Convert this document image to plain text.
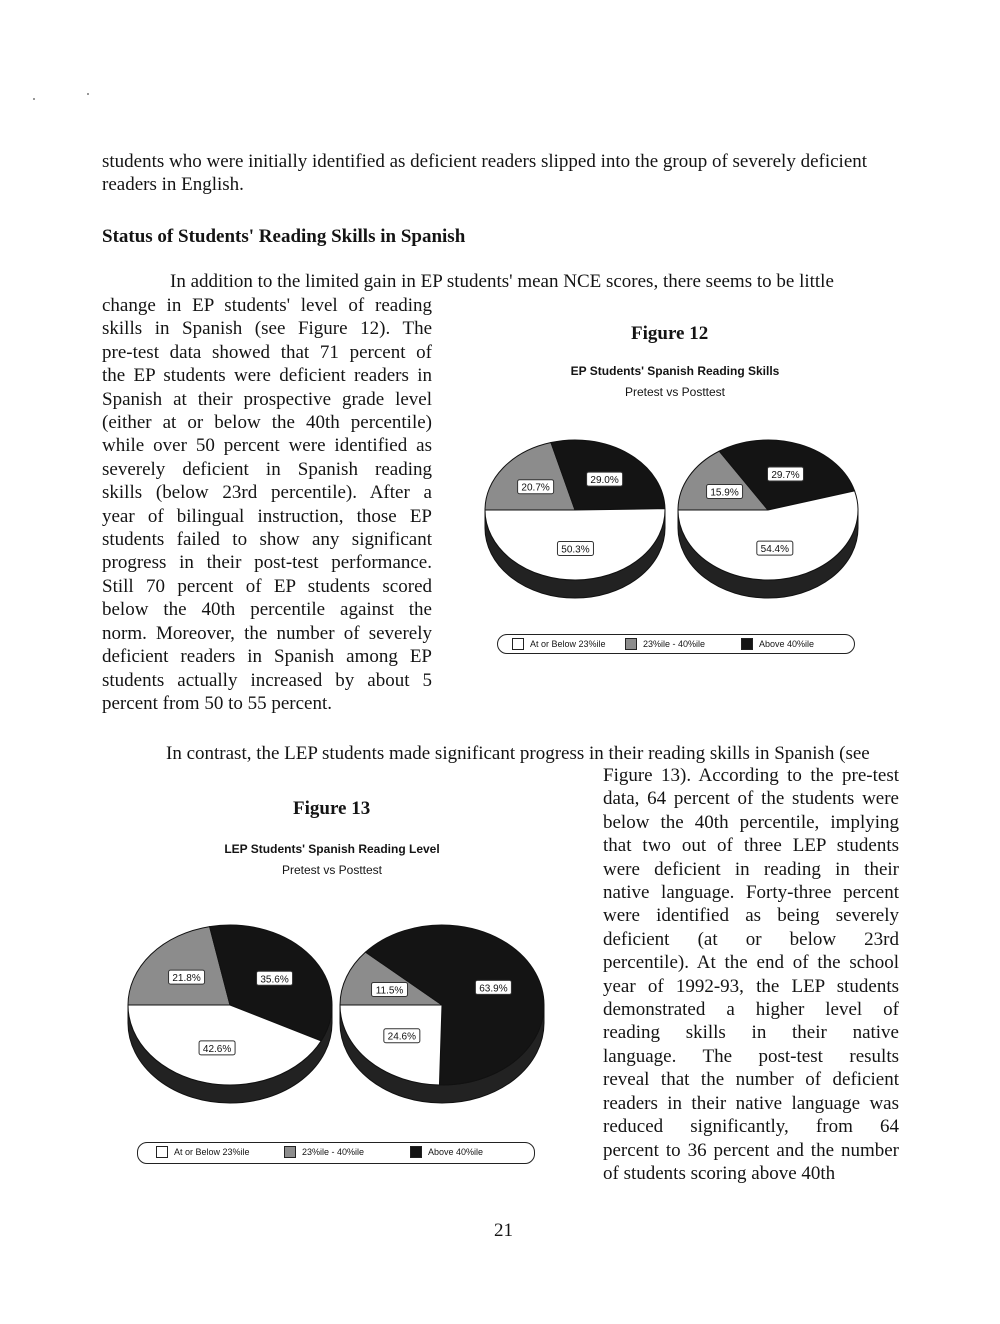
students who were initially identified as deficient readers slipped into the group of severely deficient
readers in English.
Status of Students' Reading Skills in Spanish
In addition to the limited gain in EP students' mean NCE scores, there seems to be little
change in EP students' level of reading
skills in Spanish (see Figure 12). The
pre-test data showed that 71 percent of
the EP students were deficient readers in
Spanish at their prospective grade level
(either at or below the 40th percentile)
while over 50 percent were identified as
severely deficient in Spanish reading
skills (below 23rd percentile). After a
year of bilingual instruction, those EP
students failed to show any significant
progress in their post-test performance.
Still 70 percent of EP students scored
below the 40th percentile against the
norm. Moreover, the number of severely
deficient readers in Spanish among EP
students actually increased by about 5
percent from 50 to 55 percent.
Figure 12
EP Students' Spanish Reading Skills
Pretest vs Posttest
20.7%
29.0%
50.3%
15.9%
29.7%
54.4%
At or Below 23%ile	23%ile - 40%ile	Above 40%ile
In contrast, the LEP students made significant progress in their reading skills in Spanish (see
Figure 13). According to the pre-test
data, 64 percent of the students were
below the 40th percentile, implying
that two out of three LEP students
were deficient in reading in their
native language. Forty-three percent
were identified as being severely
deficient (at or below 23rd
percentile). At the end of the school
year of 1992-93, the LEP students
demonstrated a higher level of
reading skills in their native
language. The post-test results
reveal that the number of deficient
readers in their native language was
reduced significantly, from 64
percent to 36 percent and the number
of students scoring above 40th
Figure 13
LEP Students' Spanish Reading Level
Pretest vs Posttest
21.8%	35.6%
42.6%
11.5%	63.9%
24.6%
At or Below 23%ile	23%ile - 40%ile	Above 40%ile
21
